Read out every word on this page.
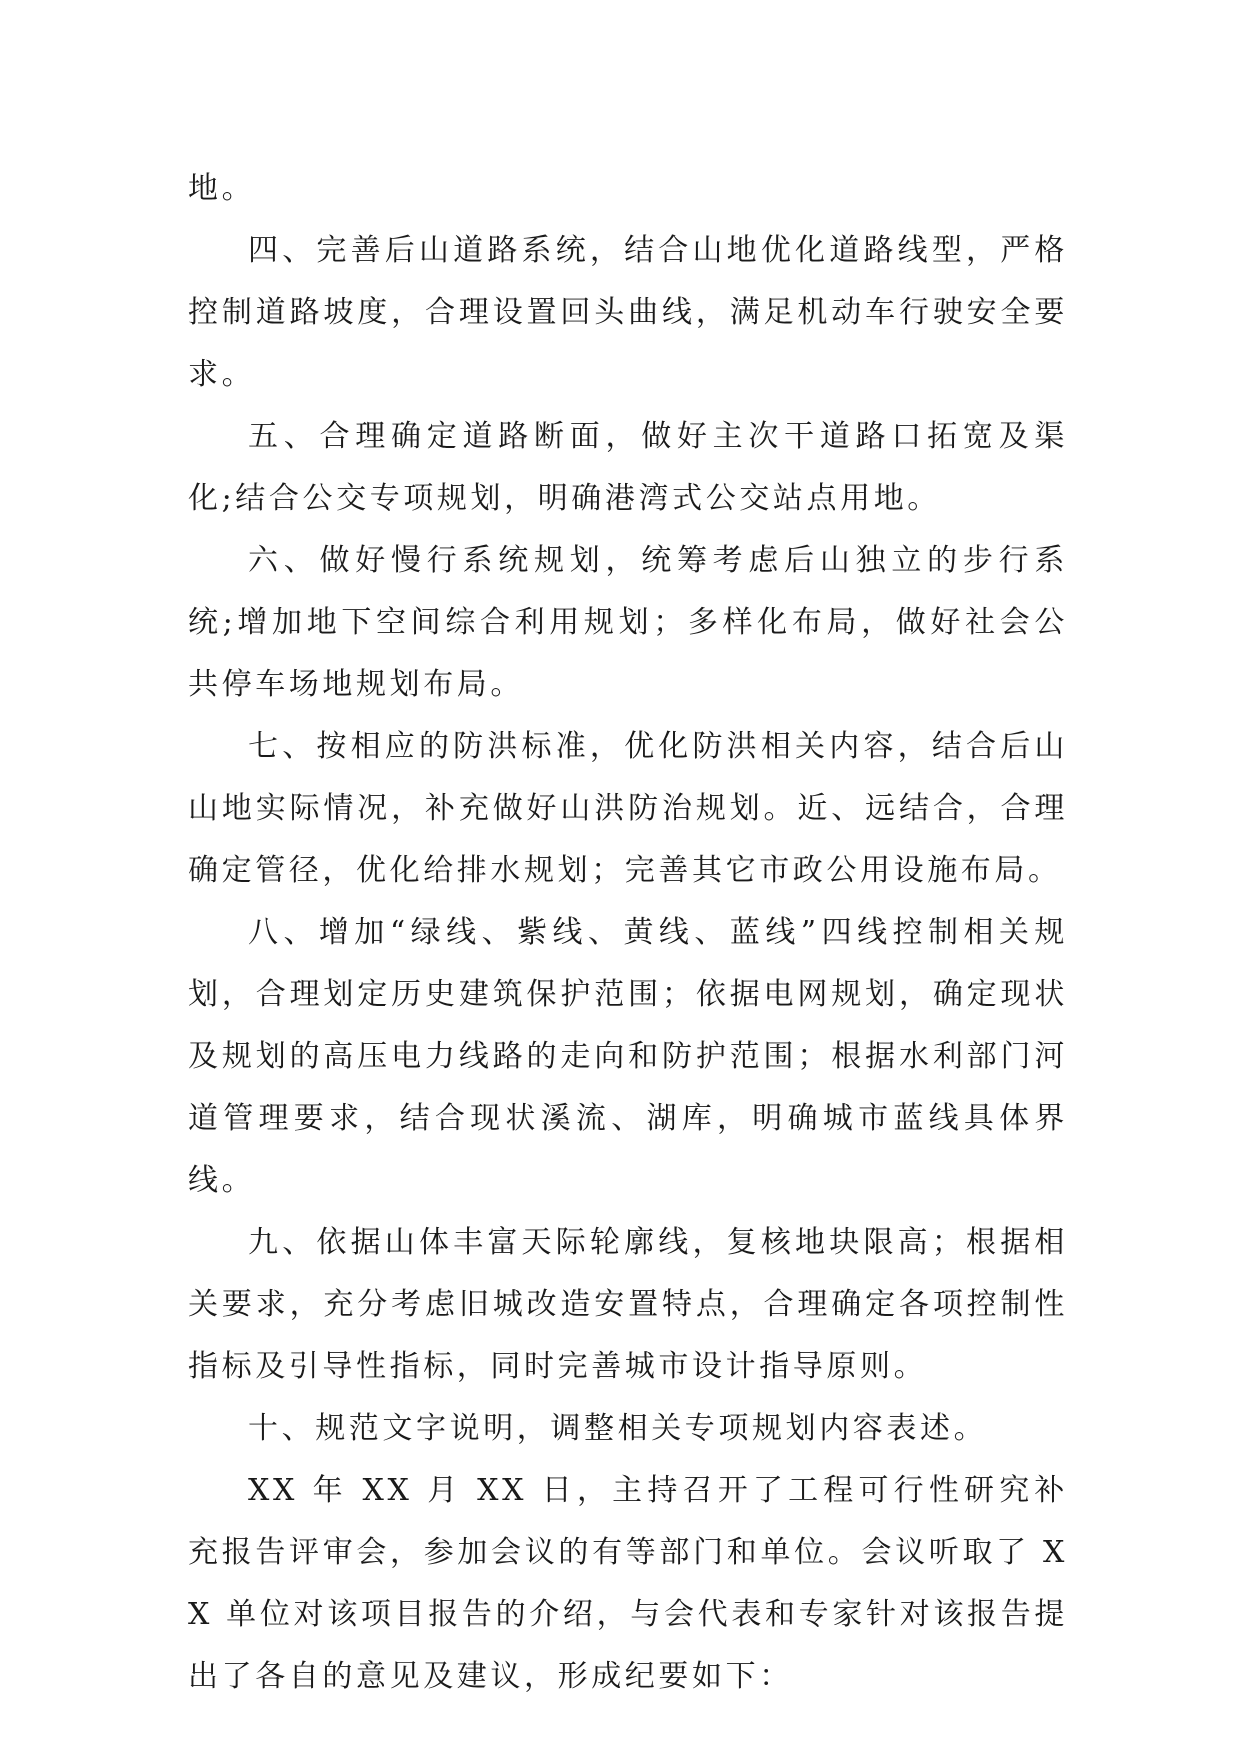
地。

四、完善后山道路系统，结合山地优化道路线型，严格控制道路坡度，合理设置回头曲线，满足机动车行驶安全要求。

五、合理确定道路断面，做好主次干道路口拓宽及渠化;结合公交专项规划，明确港湾式公交站点用地。

六、做好慢行系统规划，统筹考虑后山独立的步行系统;增加地下空间综合利用规划；多样化布局，做好社会公共停车场地规划布局。

七、按相应的防洪标准，优化防洪相关内容，结合后山山地实际情况，补充做好山洪防治规划。近、远结合，合理确定管径，优化给排水规划；完善其它市政公用设施布局。

八、增加“绿线、紫线、黄线、蓝线”四线控制相关规划，合理划定历史建筑保护范围；依据电网规划，确定现状及规划的高压电力线路的走向和防护范围；根据水利部门河道管理要求，结合现状溪流、湖库，明确城市蓝线具体界线。

九、依据山体丰富天际轮廓线，复核地块限高；根据相关要求，充分考虑旧城改造安置特点，合理确定各项控制性指标及引导性指标，同时完善城市设计指导原则。

十、规范文字说明，调整相关专项规划内容表述。

XX 年 XX 月 XX 日，主持召开了工程可行性研究补充报告评审会，参加会议的有等部门和单位。会议听取了 XX 单位对该项目报告的介绍，与会代表和专家针对该报告提出了各自的意见及建议，形成纪要如下：
